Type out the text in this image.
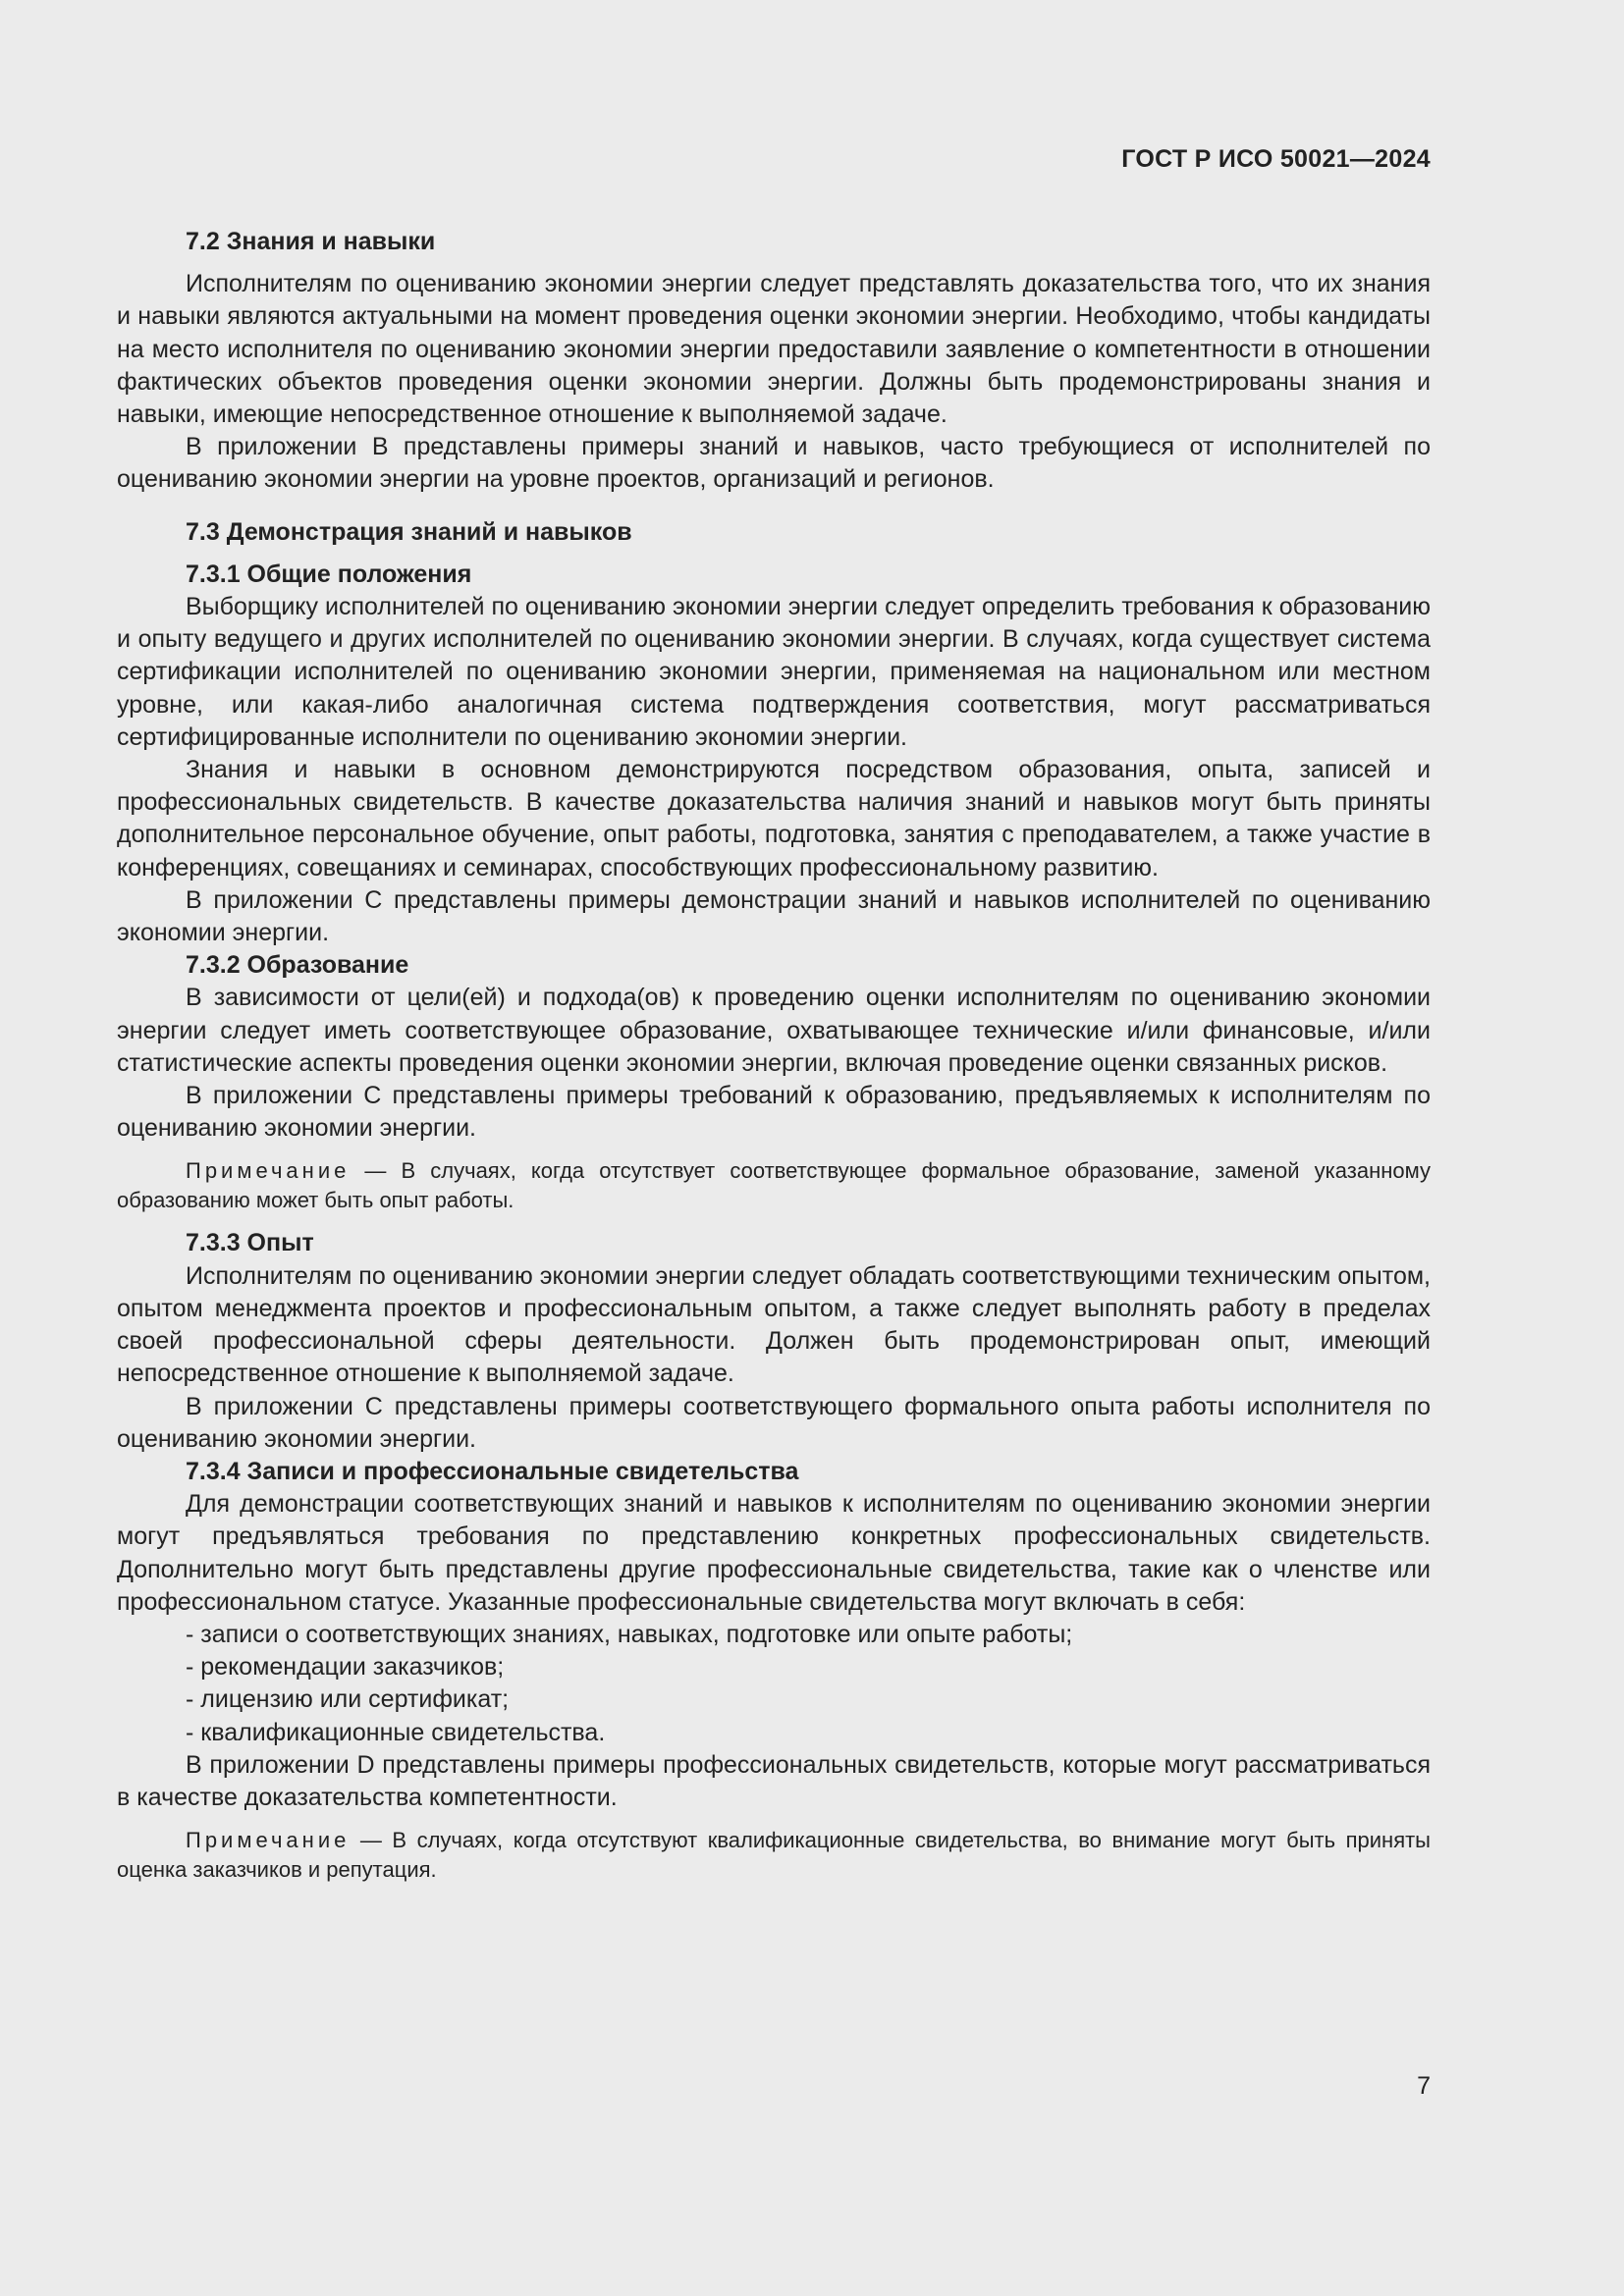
ГОСТ Р ИСО 50021—2024
7.2 Знания и навыки

Исполнителям по оцениванию экономии энергии следует представлять доказательства того, что их знания и навыки являются актуальными на момент проведения оценки экономии энергии. Необходимо, чтобы кандидаты на место исполнителя по оцениванию экономии энергии предоставили заявление о компетентности в отношении фактических объектов проведения оценки экономии энергии. Должны быть продемонстрированы знания и навыки, имеющие непосредственное отношение к выполняемой задаче.

В приложении В представлены примеры знаний и навыков, часто требующиеся от исполнителей по оцениванию экономии энергии на уровне проектов, организаций и регионов.

7.3 Демонстрация знаний и навыков
7.3.1 Общие положения

Выборщику исполнителей по оцениванию экономии энергии следует определить требования к образованию и опыту ведущего и других исполнителей по оцениванию экономии энергии. В случаях, когда существует система сертификации исполнителей по оцениванию экономии энергии, применяемая на национальном или местном уровне, или какая-либо аналогичная система подтверждения соответствия, могут рассматриваться сертифицированные исполнители по оцениванию экономии энергии.

Знания и навыки в основном демонстрируются посредством образования, опыта, записей и профессиональных свидетельств. В качестве доказательства наличия знаний и навыков могут быть приняты дополнительное персональное обучение, опыт работы, подготовка, занятия с преподавателем, а также участие в конференциях, совещаниях и семинарах, способствующих профессиональному развитию.

В приложении С представлены примеры демонстрации знаний и навыков исполнителей по оцениванию экономии энергии.

7.3.2 Образование

В зависимости от цели(ей) и подхода(ов) к проведению оценки исполнителям по оцениванию экономии энергии следует иметь соответствующее образование, охватывающее технические и/или финансовые, и/или статистические аспекты проведения оценки экономии энергии, включая проведение оценки связанных рисков.

В приложении С представлены примеры требований к образованию, предъявляемых к исполнителям по оцениванию экономии энергии.

Примечание — В случаях, когда отсутствует соответствующее формальное образование, заменой указанному образованию может быть опыт работы.
7.3.3 Опыт

Исполнителям по оцениванию экономии энергии следует обладать соответствующими техническим опытом, опытом менеджмента проектов и профессиональным опытом, а также следует выполнять работу в пределах своей профессиональной сферы деятельности. Должен быть продемонстрирован опыт, имеющий непосредственное отношение к выполняемой задаче.

В приложении С представлены примеры соответствующего формального опыта работы исполнителя по оцениванию экономии энергии.

7.3.4 Записи и профессиональные свидетельства

Для демонстрации соответствующих знаний и навыков к исполнителям по оцениванию экономии энергии могут предъявляться требования по представлению конкретных профессиональных свидетельств. Дополнительно могут быть представлены другие профессиональные свидетельства, такие как о членстве или профессиональном статусе. Указанные профессиональные свидетельства могут включать в себя:

- записи о соответствующих знаниях, навыках, подготовке или опыте работы;
- рекомендации заказчиков;
- лицензию или сертификат;
- квалификационные свидетельства.

В приложении D представлены примеры профессиональных свидетельств, которые могут рассматриваться в качестве доказательства компетентности.

Примечание — В случаях, когда отсутствуют квалификационные свидетельства, во внимание могут быть приняты оценка заказчиков и репутация.
7
